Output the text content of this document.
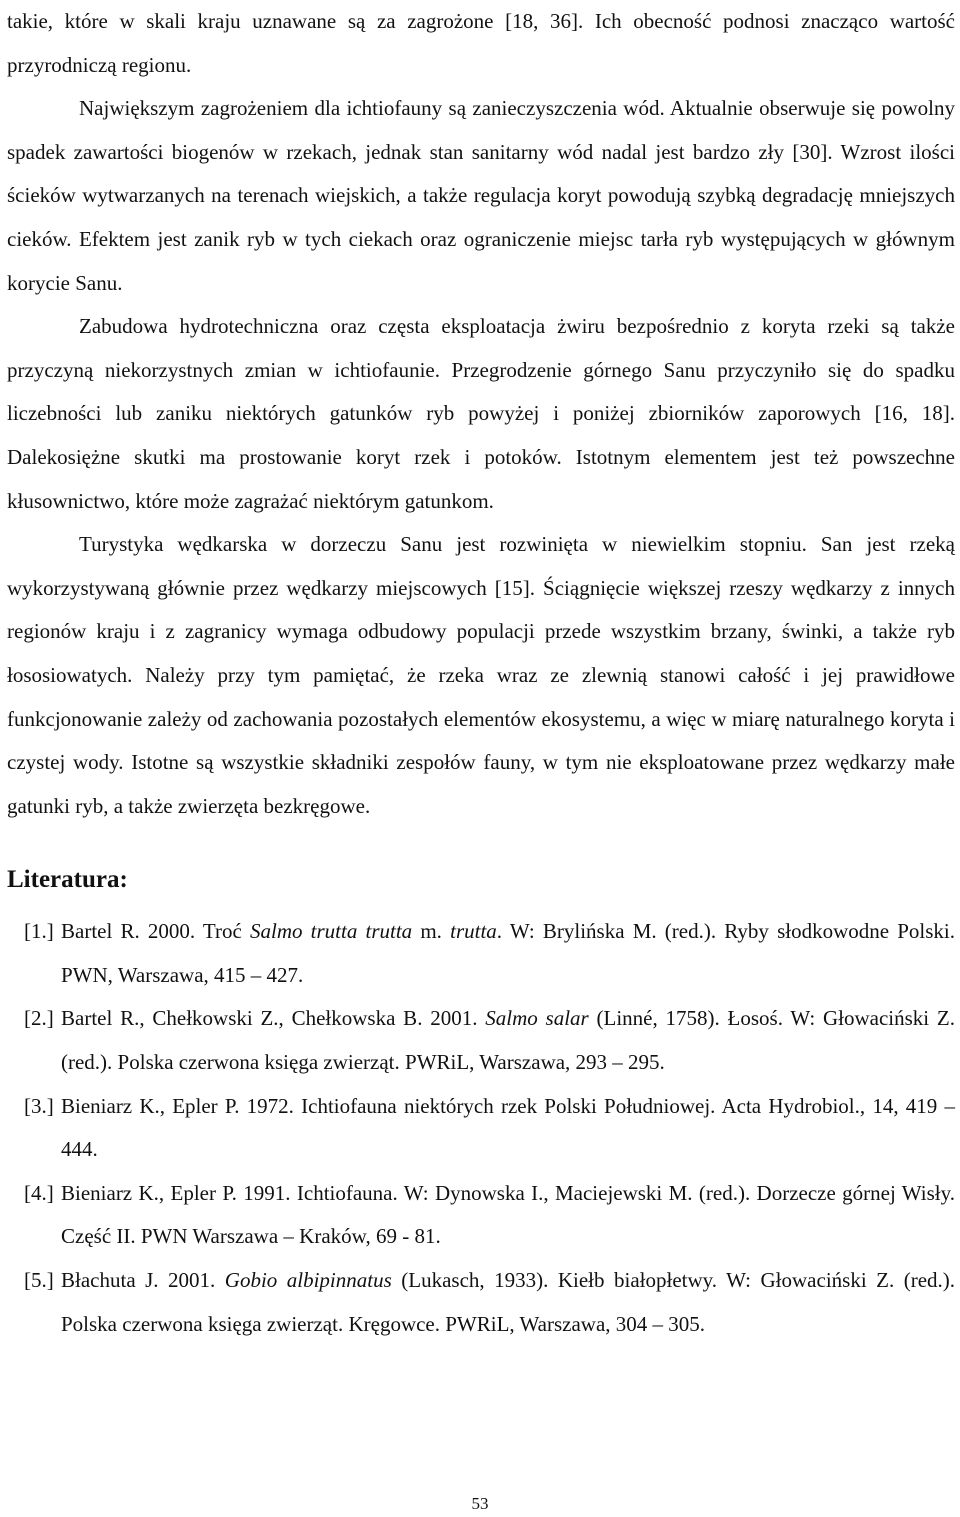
takie, które w skali kraju uznawane są za zagrożone [18, 36]. Ich obecność podnosi znacząco wartość przyrodniczą regionu.

Największym zagrożeniem dla ichtiofauny są zanieczyszczenia wód. Aktualnie obserwuje się powolny spadek zawartości biogenów w rzekach, jednak stan sanitarny wód nadal jest bardzo zły [30]. Wzrost ilości ścieków wytwarzanych na terenach wiejskich, a także regulacja koryt powodują szybką degradację mniejszych cieków. Efektem jest zanik ryb w tych ciekach oraz ograniczenie miejsc tarła ryb występujących w głównym korycie Sanu.

Zabudowa hydrotechniczna oraz częsta eksploatacja żwiru bezpośrednio z koryta rzeki są także przyczyną niekorzystnych zmian w ichtiofaunie. Przegrodzenie górnego Sanu przyczyniło się do spadku liczebności lub zaniku niektórych gatunków ryb powyżej i poniżej zbiorników zaporowych [16, 18]. Dalekosiężne skutki ma prostowanie koryt rzek i potoków. Istotnym elementem jest też powszechne kłusownictwo, które może zagrażać niektórym gatunkom.

Turystyka wędkarska w dorzeczu Sanu jest rozwinięta w niewielkim stopniu. San jest rzeką wykorzystywaną głównie przez wędkarzy miejscowych [15]. Ściągnięcie większej rzeszy wędkarzy z innych regionów kraju i z zagranicy wymaga odbudowy populacji przede wszystkim brzany, świnki, a także ryb łososiowatych. Należy przy tym pamiętać, że rzeka wraz ze zlewnią stanowi całość i jej prawidłowe funkcjonowanie zależy od zachowania pozostałych elementów ekosystemu, a więc w miarę naturalnego koryta i czystej wody. Istotne są wszystkie składniki zespołów fauny, w tym nie eksploatowane przez wędkarzy małe gatunki ryb, a także zwierzęta bezkręgowe.

Literatura:
[1.] Bartel R. 2000. Troć Salmo trutta trutta m. trutta. W: Brylińska M. (red.). Ryby słodkowodne Polski. PWN, Warszawa, 415 – 427.
[2.] Bartel R., Chełkowski Z., Chełkowska B. 2001. Salmo salar (Linné, 1758). Łosoś. W: Głowaciński Z. (red.). Polska czerwona księga zwierząt. PWRiL, Warszawa, 293 – 295.
[3.] Bieniarz K., Epler P. 1972. Ichtiofauna niektórych rzek Polski Południowej. Acta Hydrobiol., 14, 419 – 444.
[4.] Bieniarz K., Epler P. 1991. Ichtiofauna. W: Dynowska I., Maciejewski M. (red.). Dorzecze górnej Wisły. Część II. PWN Warszawa – Kraków, 69 - 81.
[5.] Błachuta J. 2001. Gobio albipinnatus (Lukasch, 1933). Kiełb białopłetwy. W: Głowaciński Z. (red.). Polska czerwona księga zwierząt. Kręgowce. PWRiL, Warszawa, 304 – 305.
53
